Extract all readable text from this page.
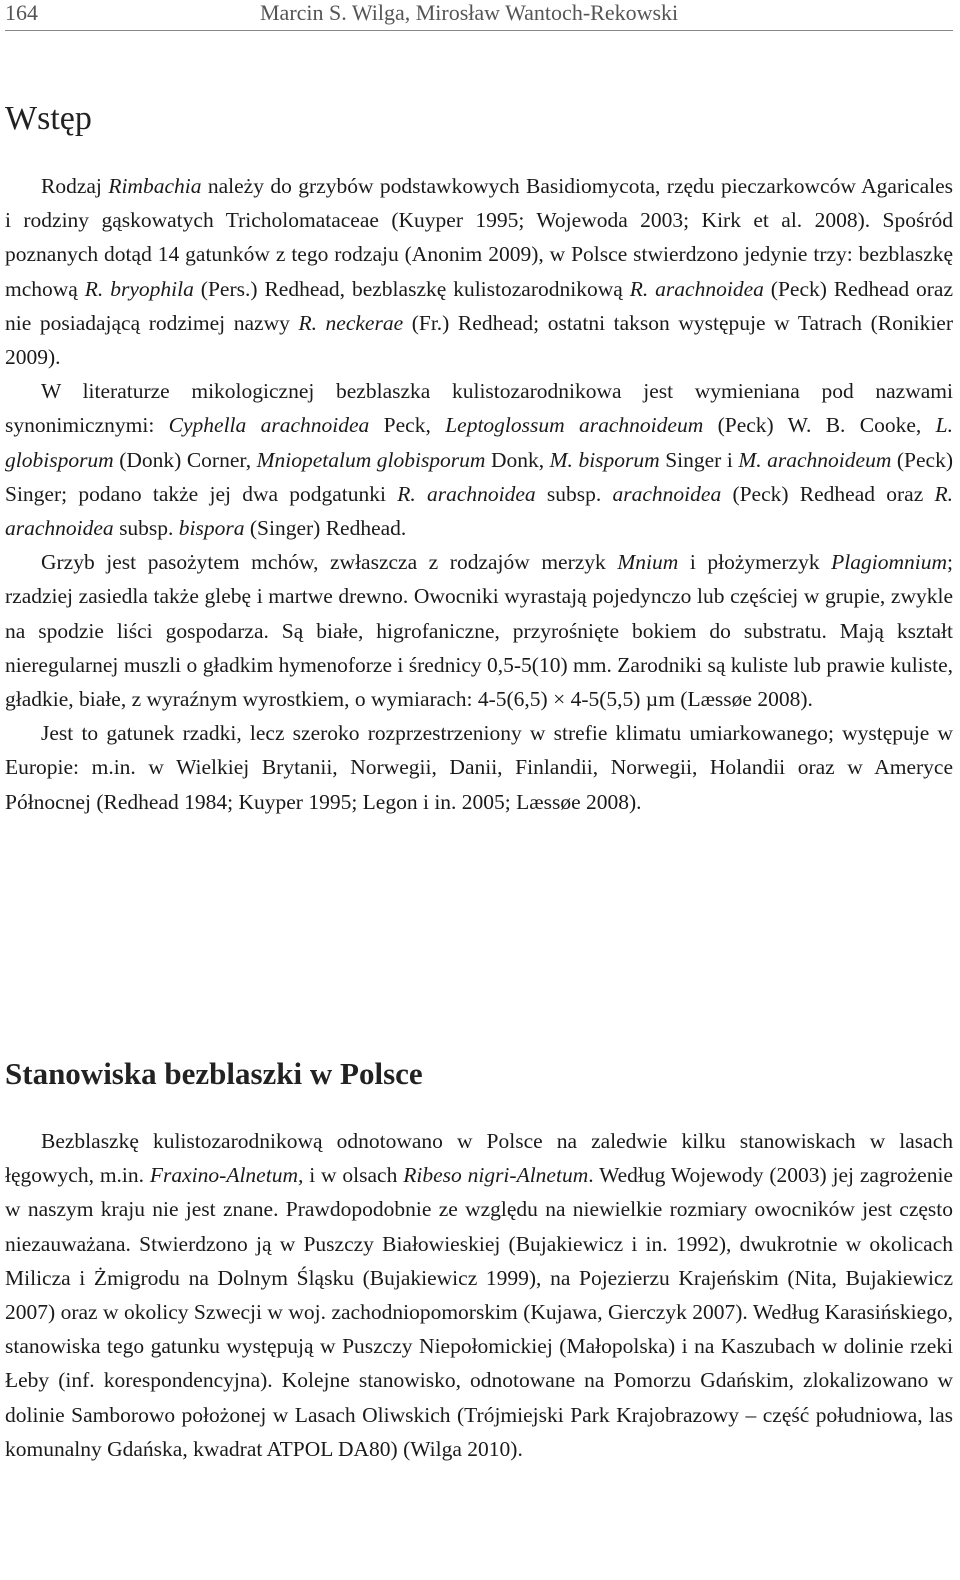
164	Marcin S. Wilga, Mirosław Wantoch-Rekowski
Wstęp

Rodzaj Rimbachia należy do grzybów podstawkowych Basidiomycota, rzędu pieczarkowców Agaricales i rodziny gąskowatych Tricholomataceae (Kuyper 1995; Wojewoda 2003; Kirk et al. 2008). Spośród poznanych dotąd 14 gatunków z tego rodzaju (Anonim 2009), w Polsce stwierdzono jedynie trzy: bezblaszkę mchową R. bryophila (Pers.) Redhead, bezblaszkę kulistozarodnikową R. arachnoidea (Peck) Redhead oraz nie posiadającą rodzimej nazwy R. neckerae (Fr.) Redhead; ostatni takson występuje w Tatrach (Ronikier 2009).

W literaturze mikologicznej bezblaszka kulistozarodnikowa jest wymieniana pod nazwami synonimicznymi: Cyphella arachnoidea Peck, Leptoglossum arachnoideum (Peck) W. B. Cooke, L. globisporum (Donk) Corner, Mniopetalum globisporum Donk, M. bisporum Singer i M. arachnoideum (Peck) Singer; podano także jej dwa podgatunki R. arachnoidea subsp. arachnoidea (Peck) Redhead oraz R. arachnoidea subsp. bispora (Singer) Redhead.

Grzyb jest pasożytem mchów, zwłaszcza z rodzajów merzyk Mnium i płożymerzyk Plagiomnium; rzadziej zasiedla także glebę i martwe drewno. Owocniki wyrastają pojedynczo lub częściej w grupie, zwykle na spodzie liści gospodarza. Są białe, higrofaniczne, przyrośnięte bokiem do substratu. Mają kształt nieregularnej muszli o gładkim hymenoforze i średnicy 0,5-5(10) mm. Zarodniki są kuliste lub prawie kuliste, gładkie, białe, z wyraźnym wyrostkiem, o wymiarach: 4-5(6,5) × 4-5(5,5) µm (Læssøe 2008).

Jest to gatunek rzadki, lecz szeroko rozprzestrzeniony w strefie klimatu umiarkowanego; występuje w Europie: m.in. w Wielkiej Brytanii, Norwegii, Danii, Finlandii, Norwegii, Holandii oraz w Ameryce Północnej (Redhead 1984; Kuyper 1995; Legon i in. 2005; Læssøe 2008).

Stanowiska bezblaszki w Polsce

Bezblaszkę kulistozarodnikową odnotowano w Polsce na zaledwie kilku stanowiskach w lasach łęgowych, m.in. Fraxino-Alnetum, i w olsach Ribeso nigri-Alnetum. Według Wojewody (2003) jej zagrożenie w naszym kraju nie jest znane. Prawdopodobnie ze względu na niewielkie rozmiary owocników jest często niezauważana. Stwierdzono ją w Puszczy Białowieskiej (Bujakiewicz i in. 1992), dwukrotnie w okolicach Milicza i Żmigrodu na Dolnym Śląsku (Bujakiewicz 1999), na Pojezierzu Krajeńskim (Nita, Bujakiewicz 2007) oraz w okolicy Szwecji w woj. zachodniopomorskim (Kujawa, Gierczyk 2007). Według Karasińskiego, stanowiska tego gatunku występują w Puszczy Niepołomickiej (Małopolska) i na Kaszubach w dolinie rzeki Łeby (inf. korespondencyjna). Kolejne stanowisko, odnotowane na Pomorzu Gdańskim, zlokalizowano w dolinie Samborowo położonej w Lasach Oliwskich (Trójmiejski Park Krajobrazowy – część południowa, las komunalny Gdańska, kwadrat ATPOL DA80) (Wilga 2010).
